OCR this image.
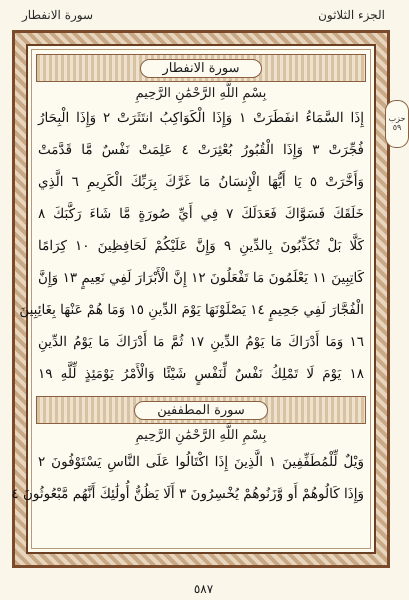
الجزء الثلاثون
سورة الانفطار
سورة الانفطار
بِسْمِ اللَّهِ الرَّحْمَٰنِ الرَّحِيمِ
إِذَا السَّمَاءُ انفَطَرَتْ ١ وَإِذَا الْكَوَاكِبُ انتَثَرَتْ ٢ وَإِذَا الْبِحَارُ
فُجِّرَتْ ٣ وَإِذَا الْقُبُورُ بُعْثِرَتْ ٤ عَلِمَتْ نَفْسٌ مَّا قَدَّمَتْ
وَأَخَّرَتْ ٥ يَا أَيُّهَا الْإِنسَانُ مَا غَرَّكَ بِرَبِّكَ الْكَرِيمِ ٦ الَّذِي
خَلَقَكَ فَسَوَّاكَ فَعَدَلَكَ ٧ فِي أَيِّ صُورَةٍ مَّا شَاءَ رَكَّبَكَ ٨
كَلَّا بَلْ تُكَذِّبُونَ بِالدِّينِ ٩ وَإِنَّ عَلَيْكُمْ لَحَافِظِينَ ١٠ كِرَامًا
كَاتِبِينَ ١١ يَعْلَمُونَ مَا تَفْعَلُونَ ١٢ إِنَّ الْأَبْرَارَ لَفِي نَعِيمٍ ١٣ وَإِنَّ
الْفُجَّارَ لَفِي جَحِيمٍ ١٤ يَصْلَوْنَهَا يَوْمَ الدِّينِ ١٥ وَمَا هُمْ عَنْهَا بِغَائِبِينَ
١٦ وَمَا أَدْرَاكَ مَا يَوْمُ الدِّينِ ١٧ ثُمَّ مَا أَدْرَاكَ مَا يَوْمُ الدِّينِ
١٨ يَوْمَ لَا تَمْلِكُ نَفْسٌ لِّنَفْسٍ شَيْئًا وَالْأَمْرُ يَوْمَئِذٍ لِّلَّهِ ١٩
سورة المطففين
بِسْمِ اللَّهِ الرَّحْمَٰنِ الرَّحِيمِ
وَيْلٌ لِّلْمُطَفِّفِينَ ١ الَّذِينَ إِذَا اكْتَالُوا عَلَى النَّاسِ يَسْتَوْفُونَ ٢
وَإِذَا كَالُوهُمْ أَو وَّزَنُوهُمْ يُخْسِرُونَ ٣ أَلَا يَظُنُّ أُولَٰئِكَ أَنَّهُم مَّبْعُوثُونَ ٤
حزب
٥٩
٥٨٧
